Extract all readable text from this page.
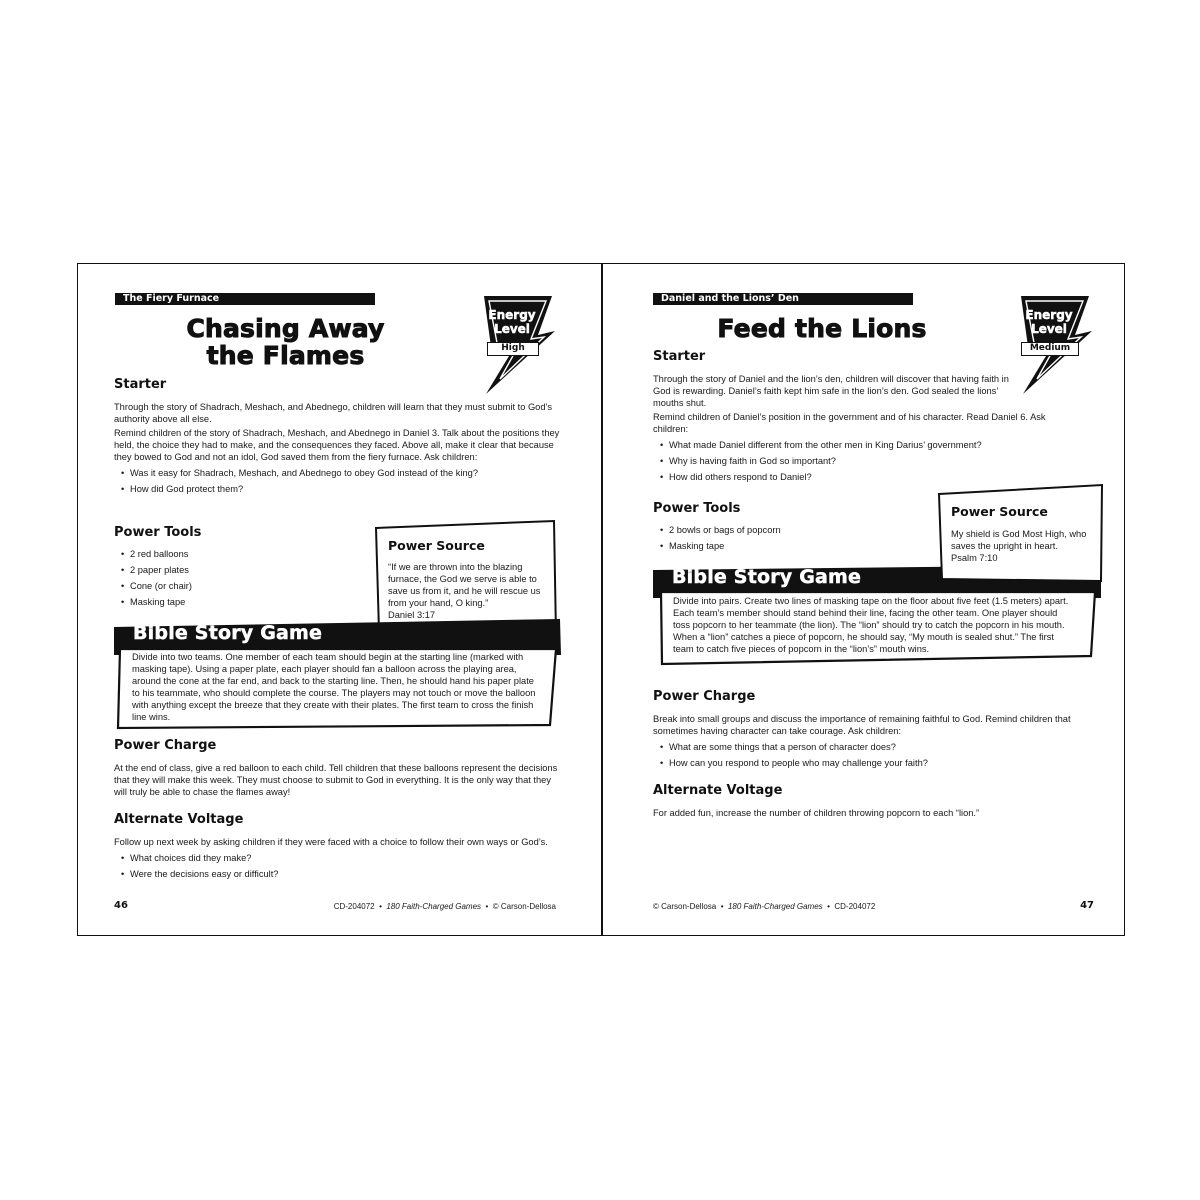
The Fiery Furnace
Chasing Away
the Flames
Energy
Level
High
Starter

Through the story of Shadrach, Meshach, and Abednego, children will learn that they must submit to God’s authority above all else.

Remind children of the story of Shadrach, Meshach, and Abednego in Daniel 3. Talk about the positions they held, the choice they had to make, and the consequences they faced. Above all, make it clear that because they bowed to God and not an idol, God saved them from the fiery furnace. Ask children:

• Was it easy for Shadrach, Meshach, and Abednego to obey God instead of the king?
• How did God protect them?
Power Tools
• 2 red balloons
• 2 paper plates
• Cone (or chair)
• Masking tape
Power Source
“If we are thrown into the blazing furnace, the God we serve is able to save us from it, and he will rescue us from your hand, O king.”
Daniel 3:17
Bible Story Game
Divide into two teams. One member of each team should begin at the starting line (marked with masking tape). Using a paper plate, each player should fan a balloon across the playing area, around the cone at the far end, and back to the starting line. Then, he should hand his paper plate to his teammate, who should complete the course. The players may not touch or move the balloon with anything except the breeze that they create with their plates. The first team to cross the finish line wins.
Power Charge
At the end of class, give a red balloon to each child. Tell children that these balloons represent the decisions that they will make this week. They must choose to submit to God in everything. It is the only way that they will truly be able to chase the flames away!
Alternate Voltage

Follow up next week by asking children if they were faced with a choice to follow their own ways or God’s.

• What choices did they make?
• Were the decisions easy or difficult?
46	CD-204072  •  180 Faith-Charged Games  •  © Carson-Dellosa
Daniel and the Lions’ Den
Feed the Lions	Energy
Level
Medium
Starter

Through the story of Daniel and the lion’s den, children will discover that having faith in God is rewarding. Daniel’s faith kept him safe in the lion’s den. God sealed the lions’ mouths shut.

Remind children of Daniel’s position in the government and of his character. Read Daniel 6. Ask children:

• What made Daniel different from the other men in King Darius’ government?
• Why is having faith in God so important?
• How did others respond to Daniel?
Power Tools
• 2 bowls or bags of popcorn
• Masking tape
Bible Story Game
Divide into pairs. Create two lines of masking tape on the floor about five feet (1.5 meters) apart. Each team’s member should stand behind their line, facing the other team. One player should toss popcorn to her teammate (the lion). The “lion” should try to catch the popcorn in his mouth. When a “lion” catches a piece of popcorn, he should say, “My mouth is sealed shut.” The first team to catch five pieces of popcorn in the “lion’s” mouth wins.
Power Source
My shield is God Most High, who saves the upright in heart.
Psalm 7:10
Power Charge

Break into small groups and discuss the importance of remaining faithful to God. Remind children that sometimes having character can take courage. Ask children:

• What are some things that a person of character does?
• How can you respond to people who may challenge your faith?
Alternate Voltage
For added fun, increase the number of children throwing popcorn to each “lion.”
© Carson-Dellosa  •  180 Faith-Charged Games  •  CD-204072	47
